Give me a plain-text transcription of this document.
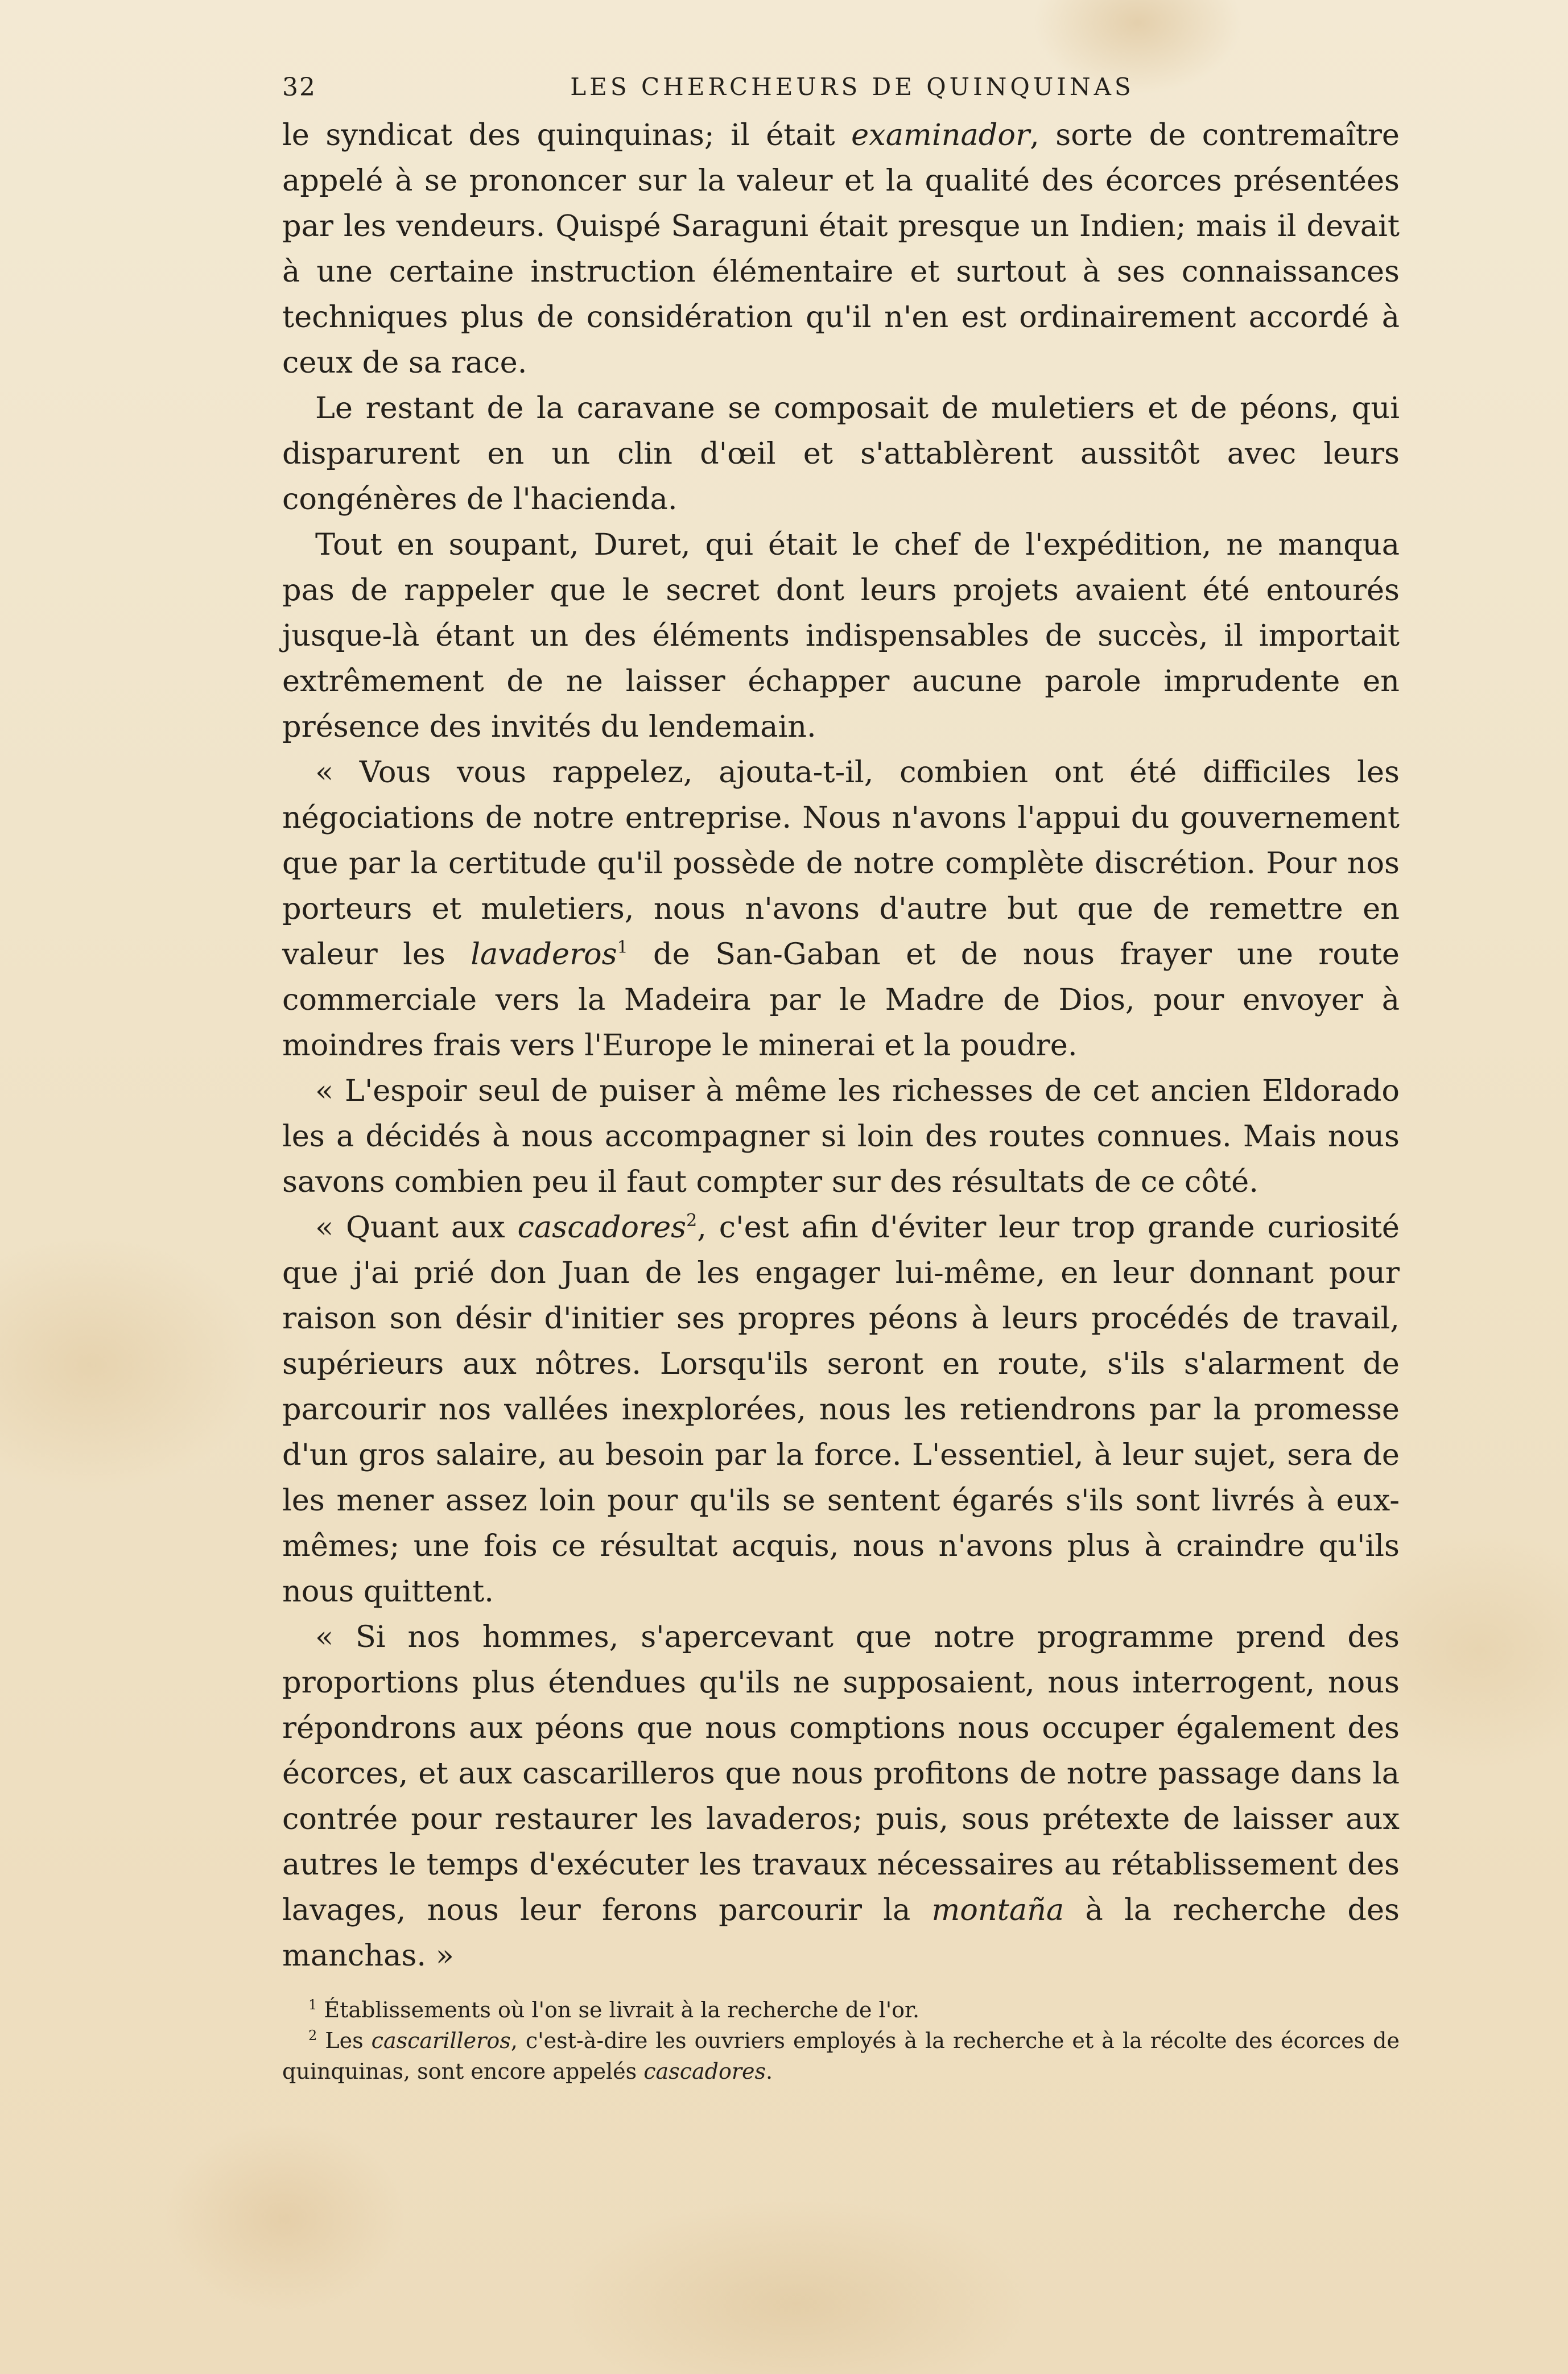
32	LES CHERCHEURS DE QUINQUINAS

le syndicat des quinquinas; il était examinador, sorte de contremaître appelé à se prononcer sur la valeur et la qualité des écorces présentées par les vendeurs. Quispé Saraguni était presque un Indien; mais il devait à une certaine instruction élémentaire et surtout à ses connaissances techniques plus de considération qu'il n'en est ordinairement accordé à ceux de sa race.

Le restant de la caravane se composait de muletiers et de péons, qui disparurent en un clin d'œil et s'attablèrent aussitôt avec leurs congénères de l'hacienda.

Tout en soupant, Duret, qui était le chef de l'expédition, ne manqua pas de rappeler que le secret dont leurs projets avaient été entourés jusque-là étant un des éléments indispensables de succès, il importait extrêmement de ne laisser échapper aucune parole imprudente en présence des invités du lendemain.

« Vous vous rappelez, ajouta-t-il, combien ont été difficiles les négociations de notre entreprise. Nous n'avons l'appui du gouvernement que par la certitude qu'il possède de notre complète discrétion. Pour nos porteurs et muletiers, nous n'avons d'autre but que de remettre en valeur les lavaderos$^1$ de San-Gaban et de nous frayer une route commerciale vers la Madeira par le Madre de Dios, pour envoyer à moindres frais vers l'Europe le minerai et la poudre.

« L'espoir seul de puiser à même les richesses de cet ancien Eldorado les a décidés à nous accompagner si loin des routes connues. Mais nous savons combien peu il faut compter sur des résultats de ce côté.

« Quant aux cascadores$^2$, c'est afin d'éviter leur trop grande curiosité que j'ai prié don Juan de les engager lui-même, en leur donnant pour raison son désir d'initier ses propres péons à leurs procédés de travail, supérieurs aux nôtres. Lorsqu'ils seront en route, s'ils s'alarment de parcourir nos vallées inexplorées, nous les retiendrons par la promesse d'un gros salaire, au besoin par la force. L'essentiel, à leur sujet, sera de les mener assez loin pour qu'ils se sentent égarés s'ils sont livrés à eux-mêmes; une fois ce résultat acquis, nous n'avons plus à craindre qu'ils nous quittent.

« Si nos hommes, s'apercevant que notre programme prend des proportions plus étendues qu'ils ne supposaient, nous interrogent, nous répondrons aux péons que nous comptions nous occuper également des écorces, et aux cascarilleros que nous profitons de notre passage dans la contrée pour restaurer les lavaderos; puis, sous prétexte de laisser aux autres le temps d'exécuter les travaux nécessaires au rétablissement des lavages, nous leur ferons parcourir la montaña à la recherche des manchas. »

$^1$ Établissements où l'on se livrait à la recherche de l'or.

$^2$ Les cascarilleros, c'est-à-dire les ouvriers employés à la recherche et à la récolte des écorces de quinquinas, sont encore appelés cascadores.
